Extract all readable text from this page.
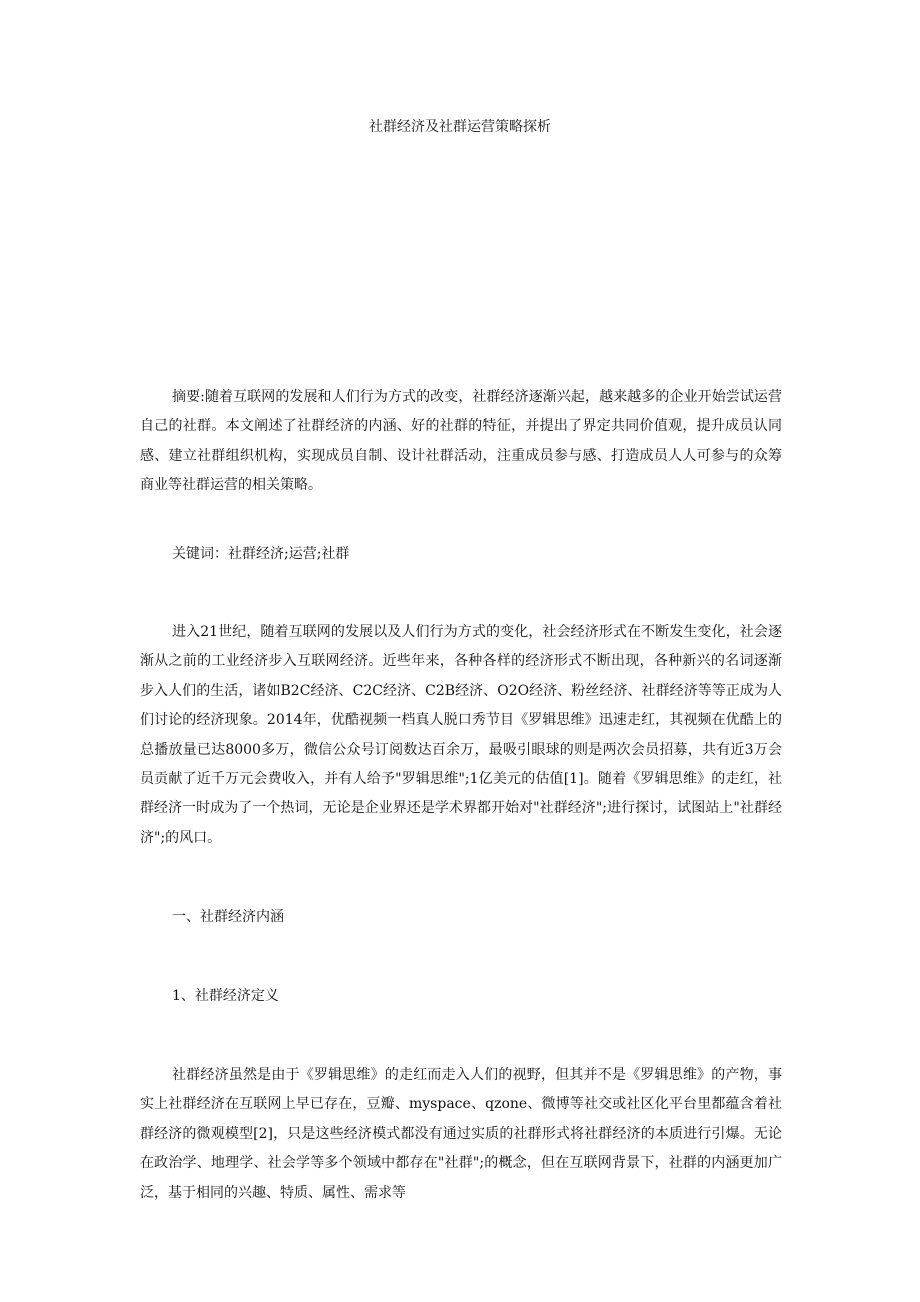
社群经济及社群运营策略探析

摘要:随着互联网的发展和人们行为方式的改变，社群经济逐渐兴起，越来越多的企业开始尝试运营自己的社群。本文阐述了社群经济的内涵、好的社群的特征，并提出了界定共同价值观，提升成员认同感、建立社群组织机构，实现成员自制、设计社群活动，注重成员参与感、打造成员人人可参与的众筹商业等社群运营的相关策略。

关键词：社群经济;运营;社群

进入21世纪，随着互联网的发展以及人们行为方式的变化，社会经济形式在不断发生变化，社会逐渐从之前的工业经济步入互联网经济。近些年来，各种各样的经济形式不断出现，各种新兴的名词逐渐步入人们的生活，诸如B2C经济、C2C经济、C2B经济、O2O经济、粉丝经济、社群经济等等正成为人们讨论的经济现象。2014年，优酷视频一档真人脱口秀节目《罗辑思维》迅速走红，其视频在优酷上的总播放量已达8000多万，微信公众号订阅数达百余万，最吸引眼球的则是两次会员招募，共有近3万会员贡献了近千万元会费收入，并有人给予"罗辑思维";1亿美元的估值[1]。随着《罗辑思维》的走红，社群经济一时成为了一个热词，无论是企业界还是学术界都开始对"社群经济";进行探讨，试图站上"社群经济";的风口。

一、社群经济内涵

1、社群经济定义

社群经济虽然是由于《罗辑思维》的走红而走入人们的视野，但其并不是《罗辑思维》的产物，事实上社群经济在互联网上早已存在，豆瓣、myspace、qzone、微博等社交或社区化平台里都蕴含着社群经济的微观模型[2]，只是这些经济模式都没有通过实质的社群形式将社群经济的本质进行引爆。无论在政治学、地理学、社会学等多个领域中都存在"社群";的概念，但在互联网背景下，社群的内涵更加广泛，基于相同的兴趣、特质、属性、需求等
